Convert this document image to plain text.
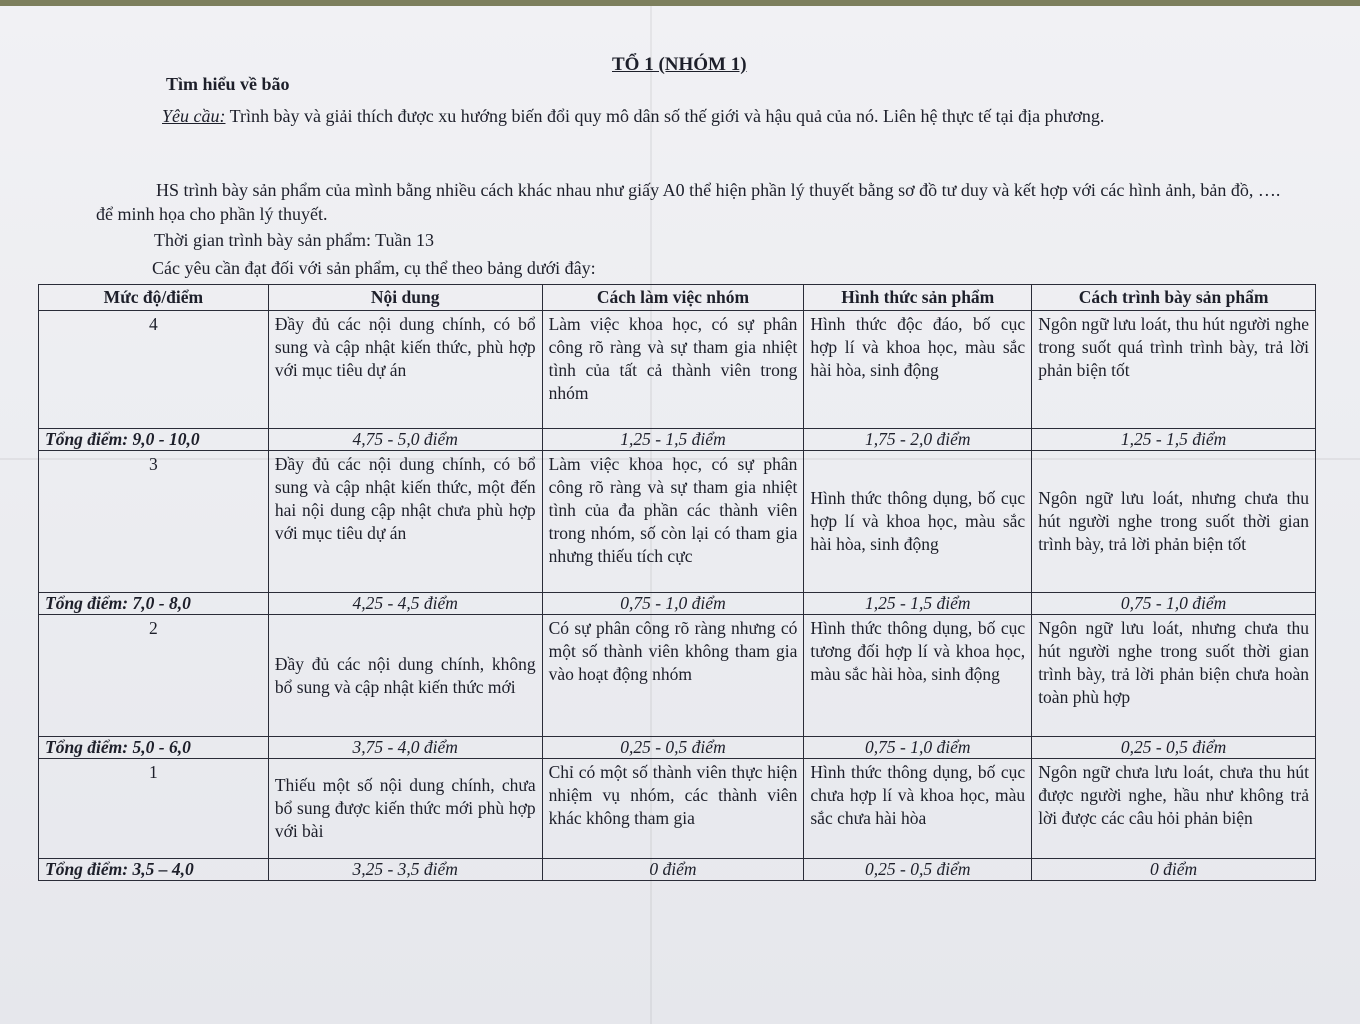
TỔ 1 (NHÓM 1)
Tìm hiểu về bão
Yêu cầu: Trình bày và giải thích được xu hướng biến đổi quy mô dân số thế giới và hậu quả của nó. Liên hệ thực tế tại địa phương.
HS trình bày sản phẩm của mình bằng nhiều cách khác nhau như giấy A0 thể hiện phần lý thuyết bằng sơ đồ tư duy và kết hợp với các hình ảnh, bản đồ, …. để minh họa cho phần lý thuyết.
Thời gian trình bày sản phẩm: Tuần 13
Các yêu cần đạt đối với sản phẩm, cụ thể theo bảng dưới đây:
Mức độ/điểm	Nội dung	Cách làm việc nhóm	Hình thức sản phẩm	Cách trình bày sản phẩm
4	Đầy đủ các nội dung chính, có bổ sung và cập nhật kiến thức, phù hợp với mục tiêu dự án	Làm việc khoa học, có sự phân công rõ ràng và sự tham gia nhiệt tình của tất cả thành viên trong nhóm	Hình thức độc đáo, bố cục hợp lí và khoa học, màu sắc hài hòa, sinh động	Ngôn ngữ lưu loát, thu hút người nghe trong suốt quá trình trình bày, trả lời phản biện tốt
Tổng điểm: 9,0 - 10,0	4,75 - 5,0 điểm	1,25 - 1,5 điểm	1,75 - 2,0 điểm	1,25 - 1,5 điểm
3	Đầy đủ các nội dung chính, có bổ sung và cập nhật kiến thức, một đến hai nội dung cập nhật chưa phù hợp với mục tiêu dự án	Làm việc khoa học, có sự phân công rõ ràng và sự tham gia nhiệt tình của đa phần các thành viên trong nhóm, số còn lại có tham gia nhưng thiếu tích cực	Hình thức thông dụng, bố cục hợp lí và khoa học, màu sắc hài hòa, sinh động	Ngôn ngữ lưu loát, nhưng chưa thu hút người nghe trong suốt thời gian trình bày, trả lời phản biện tốt
Tổng điểm: 7,0 - 8,0	4,25 - 4,5 điểm	0,75 - 1,0 điểm	1,25 - 1,5 điểm	0,75 - 1,0 điểm
2	Đầy đủ các nội dung chính, không bổ sung và cập nhật kiến thức mới	Có sự phân công rõ ràng nhưng có một số thành viên không tham gia vào hoạt động nhóm	Hình thức thông dụng, bố cục tương đối hợp lí và khoa học, màu sắc hài hòa, sinh động	Ngôn ngữ lưu loát, nhưng chưa thu hút người nghe trong suốt thời gian trình bày, trả lời phản biện chưa hoàn toàn phù hợp
Tổng điểm: 5,0 - 6,0	3,75 - 4,0 điểm	0,25 - 0,5 điểm	0,75 - 1,0 điểm	0,25 - 0,5 điểm
1	Thiếu một số nội dung chính, chưa bổ sung được kiến thức mới phù hợp với bài	Chỉ có một số thành viên thực hiện nhiệm vụ nhóm, các thành viên khác không tham gia	Hình thức thông dụng, bố cục chưa hợp lí và khoa học, màu sắc chưa hài hòa	Ngôn ngữ chưa lưu loát, chưa thu hút được người nghe, hầu như không trả lời được các câu hỏi phản biện
Tổng điểm: 3,5 – 4,0	3,25 - 3,5 điểm	0 điểm	0,25 - 0,5 điểm	0 điểm
